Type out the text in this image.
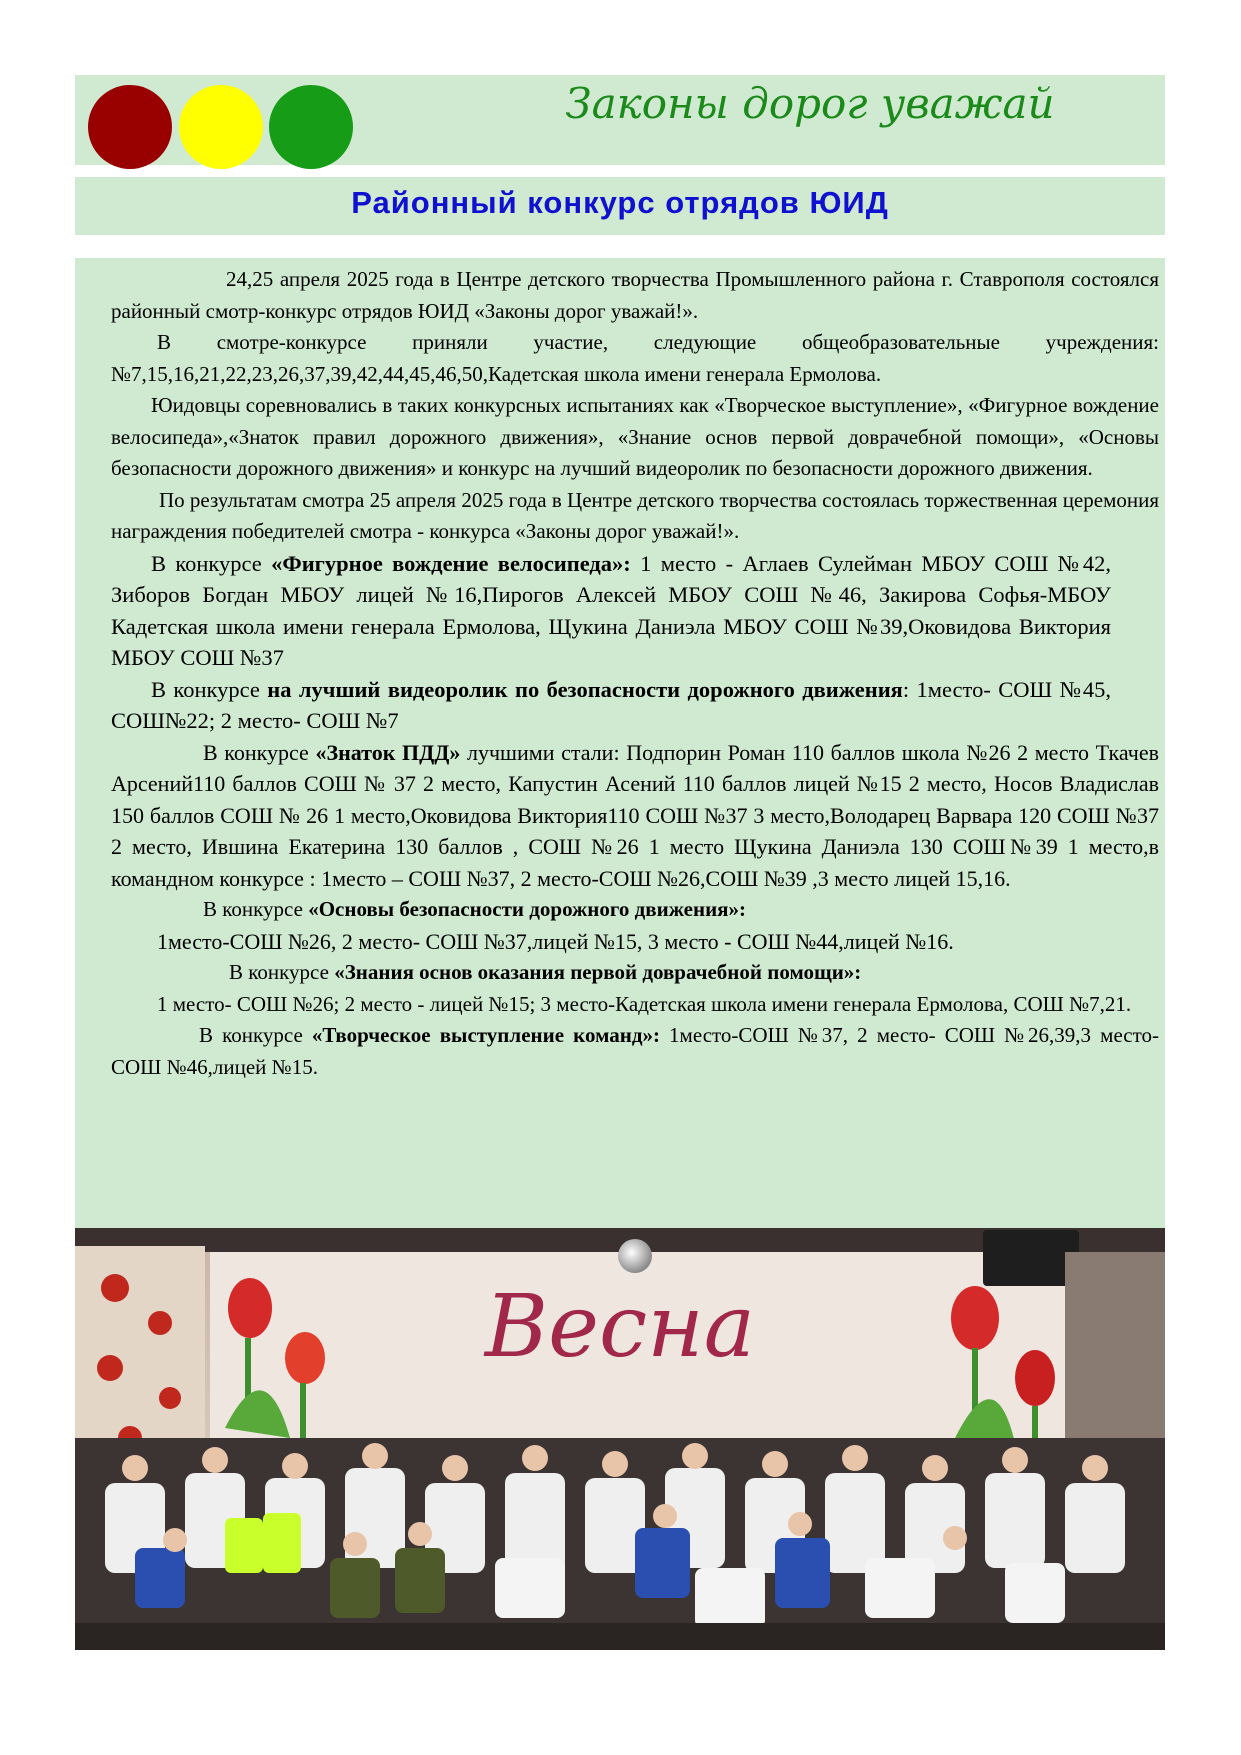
Законы дорог уважай
Районный конкурс отрядов ЮИД

24,25 апреля 2025 года в Центре детского творчества Промышленного района г. Ставрополя состоялся районный смотр-конкурс отрядов ЮИД «Законы дорог уважай!».

В смотре-конкурсе приняли участие, следующие общеобразовательные учреждения: №7,15,16,21,22,23,26,37,39,42,44,45,46,50,Кадетская школа имени генерала Ермолова.

Юидовцы соревновались в таких конкурсных испытаниях как «Творческое выступление», «Фигурное вождение велосипеда»,«Знаток правил дорожного движения», «Знание основ первой доврачебной помощи», «Основы безопасности дорожного движения» и конкурс на лучший видеоролик по безопасности дорожного движения.

По результатам смотра 25 апреля 2025 года в Центре детского творчества состоялась торжественная церемония награждения победителей смотра - конкурса «Законы дорог уважай!».

В конкурсе «Фигурное вождение велосипеда»: 1 место - Аглаев Сулейман МБОУ СОШ №42, Зиборов Богдан МБОУ лицей №16,Пирогов Алексей МБОУ СОШ №46, Закирова Софья-МБОУ Кадетская школа имени генерала Ермолова, Щукина Даниэла МБОУ СОШ №39,Оковидова Виктория МБОУ СОШ №37

В конкурсе на лучший видеоролик по безопасности дорожного движения: 1место- СОШ №45, СОШ№22; 2 место- СОШ №7

В конкурсе «Знаток ПДД» лучшими стали: Подпорин Роман 110 баллов школа №26 2 место Ткачев Арсений110 баллов СОШ № 37 2 место, Капустин Асений 110 баллов лицей №15 2 место, Носов Владислав 150 баллов СОШ № 26 1 место,Оковидова Виктория110 СОШ №37 3 место,Володарец Варвара 120 СОШ №37 2 место, Ившина Екатерина 130 баллов , СОШ №26 1 место Щукина Даниэла 130 СОШ№39 1 место,в командном конкурсе : 1место – СОШ №37, 2 место-СОШ №26,СОШ №39 ,3 место лицей 15,16.

В конкурсе «Основы безопасности дорожного движения»:

1место-СОШ №26, 2 место- СОШ №37,лицей №15, 3 место - СОШ №44,лицей №16.

В конкурсе «Знания основ оказания первой доврачебной помощи»:

1 место- СОШ №26; 2 место - лицей №15; 3 место-Кадетская школа имени генерала Ермолова, СОШ №7,21.

В конкурсе «Творческое выступление команд»: 1место-СОШ №37, 2 место- СОШ №26,39,3 место- СОШ №46,лицей №15.

Весна
